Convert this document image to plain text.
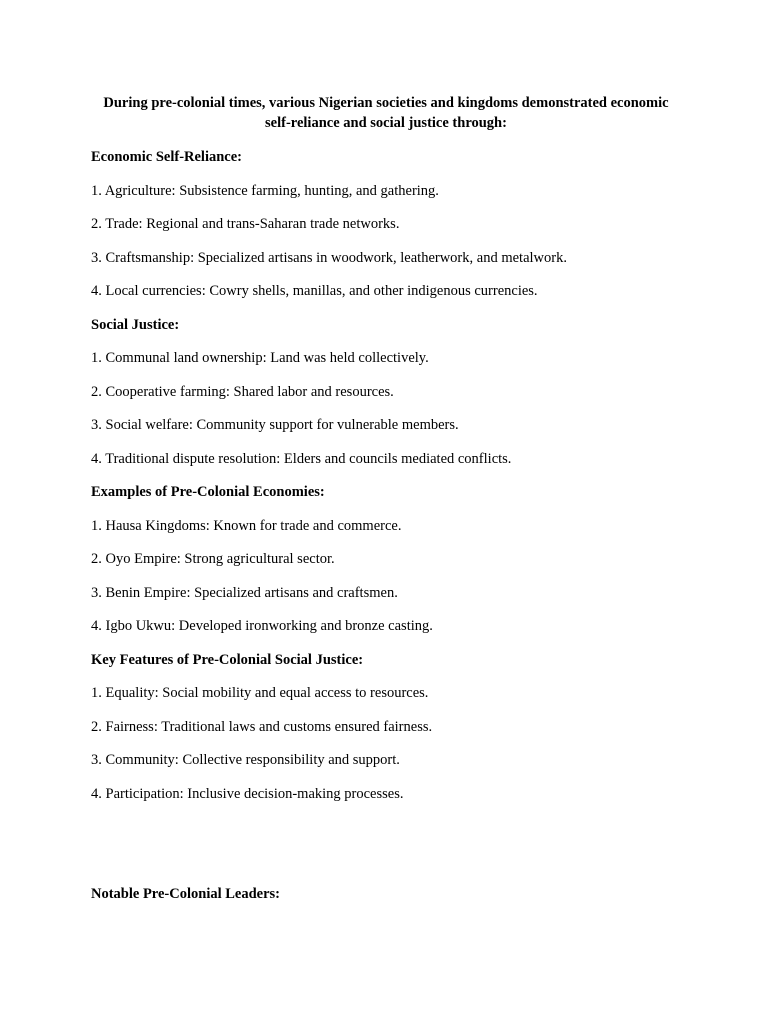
During pre-colonial times, various Nigerian societies and kingdoms demonstrated economic self-reliance and social justice through:

Economic Self-Reliance:

1. Agriculture: Subsistence farming, hunting, and gathering.

2. Trade: Regional and trans-Saharan trade networks.

3. Craftsmanship: Specialized artisans in woodwork, leatherwork, and metalwork.

4. Local currencies: Cowry shells, manillas, and other indigenous currencies.

Social Justice:

1. Communal land ownership: Land was held collectively.

2. Cooperative farming: Shared labor and resources.

3. Social welfare: Community support for vulnerable members.

4. Traditional dispute resolution: Elders and councils mediated conflicts.

Examples of Pre-Colonial Economies:

1. Hausa Kingdoms: Known for trade and commerce.

2. Oyo Empire: Strong agricultural sector.

3. Benin Empire: Specialized artisans and craftsmen.

4. Igbo Ukwu: Developed ironworking and bronze casting.

Key Features of Pre-Colonial Social Justice:

1. Equality: Social mobility and equal access to resources.

2. Fairness: Traditional laws and customs ensured fairness.

3. Community: Collective responsibility and support.

4. Participation: Inclusive decision-making processes.

Notable Pre-Colonial Leaders:
